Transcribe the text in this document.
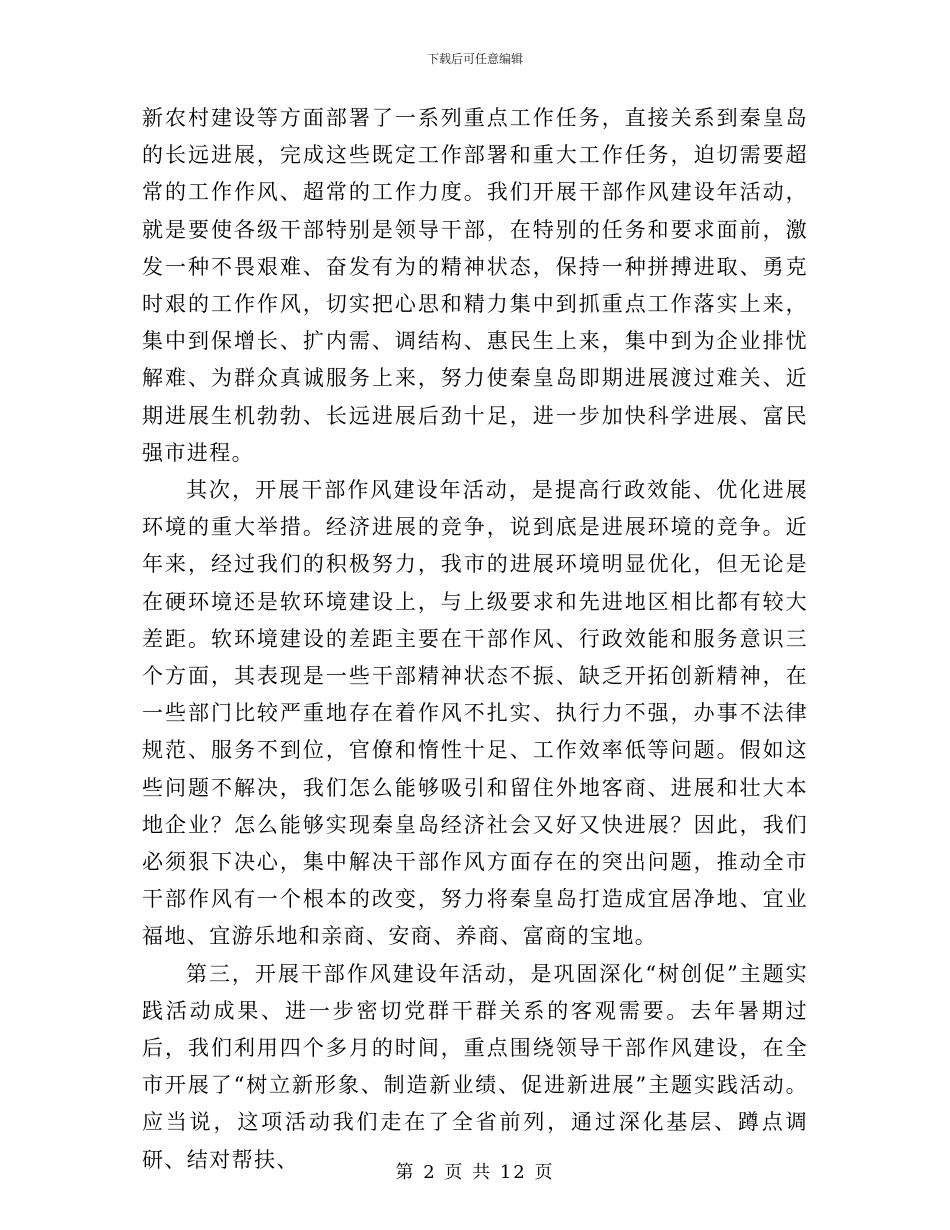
下载后可任意编辑

新农村建设等方面部署了一系列重点工作任务，直接关系到秦皇岛的长远进展，完成这些既定工作部署和重大工作任务，迫切需要超常的工作作风、超常的工作力度。我们开展干部作风建设年活动，就是要使各级干部特别是领导干部，在特别的任务和要求面前，激发一种不畏艰难、奋发有为的精神状态，保持一种拼搏进取、勇克时艰的工作作风，切实把心思和精力集中到抓重点工作落实上来，集中到保增长、扩内需、调结构、惠民生上来，集中到为企业排忧解难、为群众真诚服务上来，努力使秦皇岛即期进展渡过难关、近期进展生机勃勃、长远进展后劲十足，进一步加快科学进展、富民强市进程。

其次，开展干部作风建设年活动，是提高行政效能、优化进展环境的重大举措。经济进展的竞争，说到底是进展环境的竞争。近年来，经过我们的积极努力，我市的进展环境明显优化，但无论是在硬环境还是软环境建设上，与上级要求和先进地区相比都有较大差距。软环境建设的差距主要在干部作风、行政效能和服务意识三个方面，其表现是一些干部精神状态不振、缺乏开拓创新精神，在一些部门比较严重地存在着作风不扎实、执行力不强，办事不法律规范、服务不到位，官僚和惰性十足、工作效率低等问题。假如这些问题不解决，我们怎么能够吸引和留住外地客商、进展和壮大本地企业？怎么能够实现秦皇岛经济社会又好又快进展？因此，我们必须狠下决心，集中解决干部作风方面存在的突出问题，推动全市干部作风有一个根本的改变，努力将秦皇岛打造成宜居净地、宜业福地、宜游乐地和亲商、安商、养商、富商的宝地。

第三，开展干部作风建设年活动，是巩固深化“树创促”主题实践活动成果、进一步密切党群干群关系的客观需要。去年暑期过后，我们利用四个多月的时间，重点围绕领导干部作风建设，在全市开展了“树立新形象、制造新业绩、促进新进展”主题实践活动。应当说，这项活动我们走在了全省前列，通过深化基层、蹲点调研、结对帮扶、

第 2 页 共 12 页
